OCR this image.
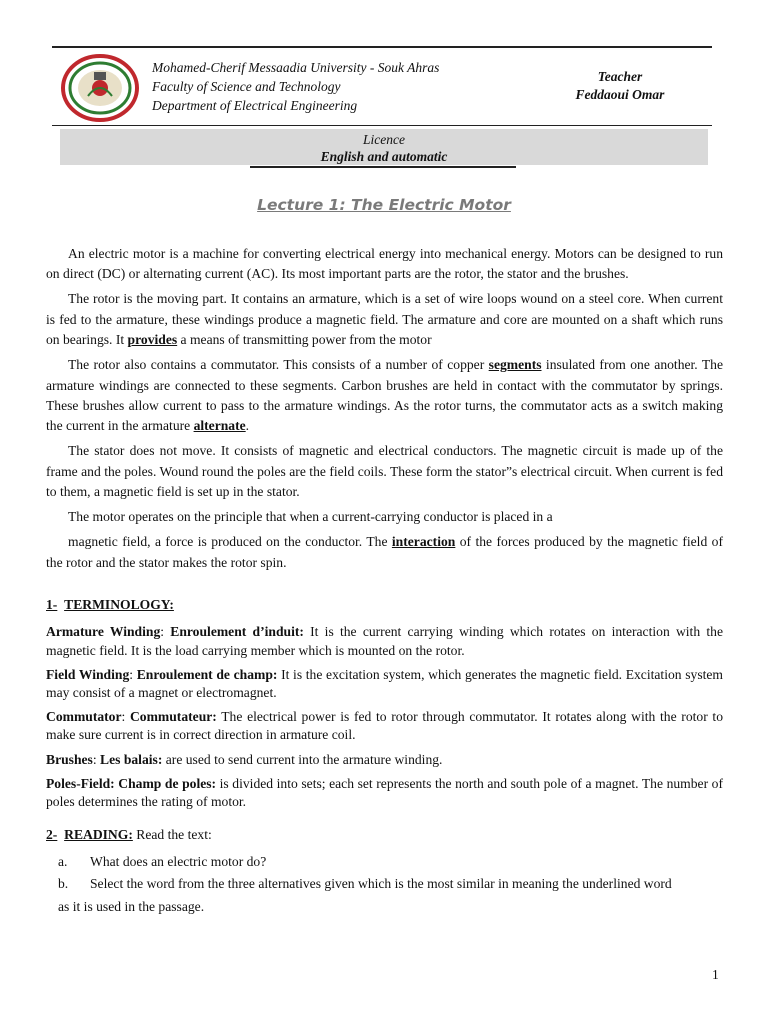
Mohamed-Cherif Messaadia University - Souk Ahras
Faculty of Science and Technology
Department of Electrical Engineering
Teacher
Feddaoui Omar
Licence
English and automatic
Lecture 1: The Electric Motor

An electric motor is a machine for converting electrical energy into mechanical energy. Motors can be designed to run on direct (DC) or alternating current (AC). Its most important parts are the rotor, the stator and the brushes.

The rotor is the moving part. It contains an armature, which is a set of wire loops wound on a steel core. When current is fed to the armature, these windings produce a magnetic field. The armature and core are mounted on a shaft which runs on bearings. It provides a means of transmitting power from the motor

The rotor also contains a commutator. This consists of a number of copper segments insulated from one another. The armature windings are connected to these segments. Carbon brushes are held in contact with the commutator by springs. These brushes allow current to pass to the armature windings. As the rotor turns, the commutator acts as a switch making the current in the armature alternate.

The stator does not move. It consists of magnetic and electrical conductors. The magnetic circuit is made up of the frame and the poles. Wound round the poles are the field coils. These form the stator”s electrical circuit. When current is fed to them, a magnetic field is set up in the stator.

The motor operates on the principle that when a current-carrying conductor is placed in a

magnetic field, a force is produced on the conductor. The interaction of the forces produced by the magnetic field of the rotor and the stator makes the rotor spin.

1- TERMINOLOGY:
Armature Winding: Enroulement d’induit: It is the current carrying winding which rotates on interaction with the magnetic field. It is the load carrying member which is mounted on the rotor.
Field Winding: Enroulement de champ: It is the excitation system, which generates the magnetic field. Excitation system may consist of a magnet or electromagnet.
Commutator: Commutateur: The electrical power is fed to rotor through commutator. It rotates along with the rotor to make sure current is in correct direction in armature coil.
Brushes: Les balais: are used to send current into the armature winding.
Poles-Field: Champ de poles: is divided into sets; each set represents the north and south pole of a magnet. The number of poles determines the rating of motor.
2- READING: Read the text:
a. What does an electric motor do?
b. Select the word from the three alternatives given which is the most similar in meaning the underlined word
as it is used in the passage.
1
